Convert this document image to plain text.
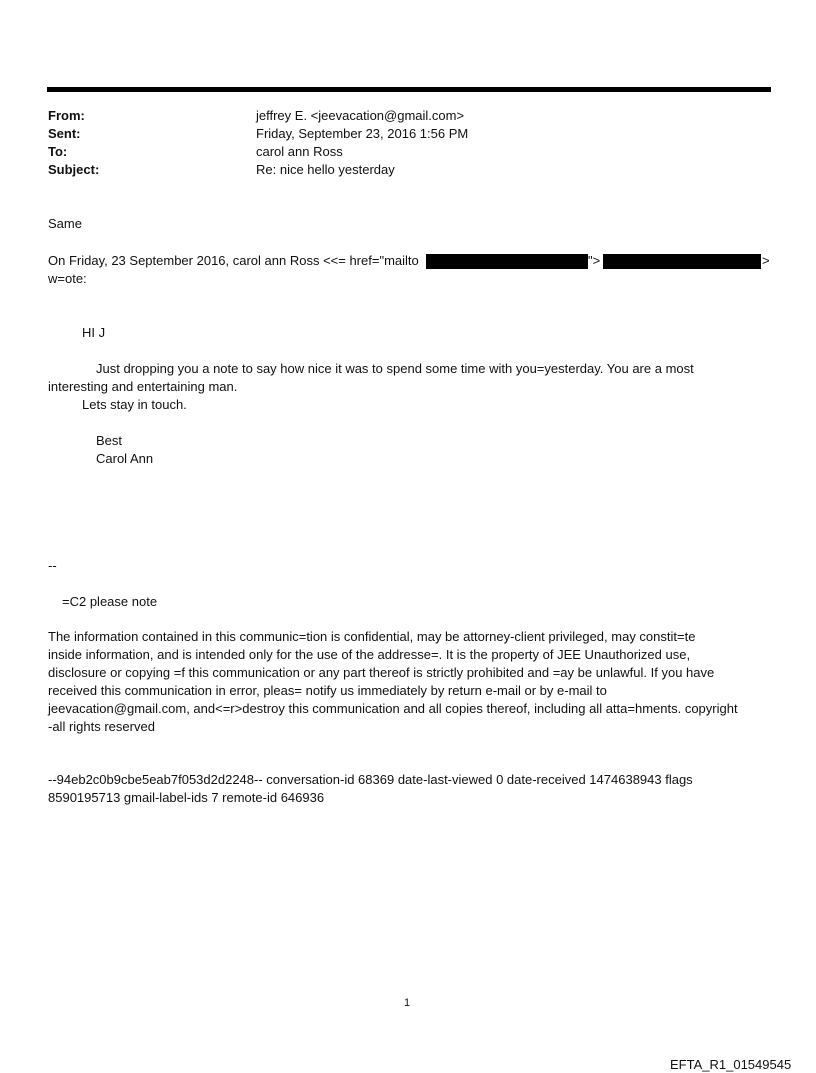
From:	jeffrey E. <jeevacation@gmail.com>
Sent:	Friday, September 23, 2016 1:56 PM
To:	carol ann Ross
Subject:	Re: nice hello yesterday
Same
On Friday, 23 September 2016, carol ann Ross <<= href="mailto	">	>
w=ote:
HI J
Just dropping you a note to say how nice it was to spend some time with you=yesterday. You are a most
interesting and entertaining man.
Lets stay in touch.
Best
Carol Ann
--
=C2 please note
The information contained in this communic=tion is confidential, may be attorney-client privileged, may constit=te
inside information, and is intended only for the use of the addresse=. It is the property of JEE Unauthorized use,
disclosure or copying =f this communication or any part thereof is strictly prohibited and =ay be unlawful. If you have
received this communication in error, pleas= notify us immediately by return e-mail or by e-mail to
jeevacation@gmail.com, and<=r>destroy this communication and all copies thereof, including all atta=hments. copyright
-all rights reserved
--94eb2c0b9cbe5eab7f053d2d2248-- conversation-id 68369 date-last-viewed 0 date-received 1474638943 flags
8590195713 gmail-label-ids 7 remote-id 646936
1
EFTA_R1_01549545
